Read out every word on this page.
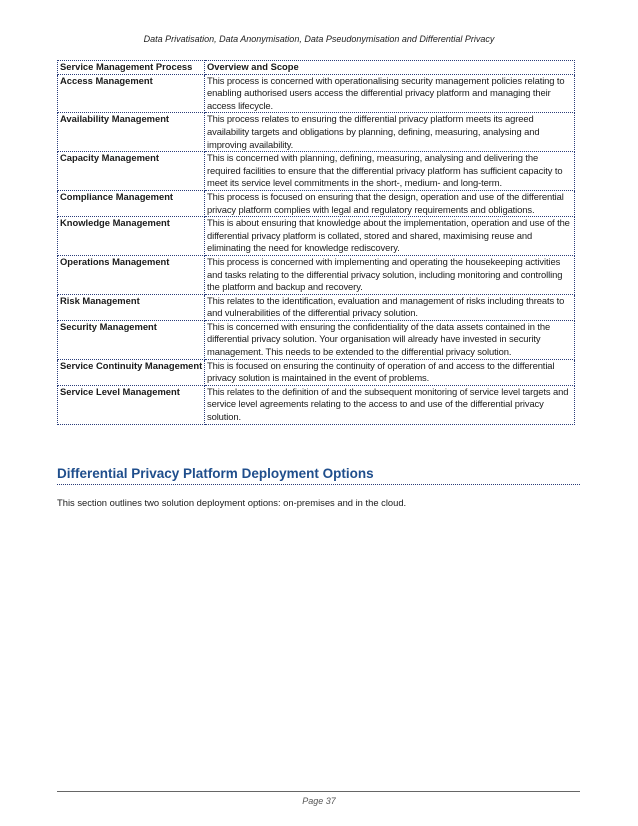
Data Privatisation, Data Anonymisation, Data Pseudonymisation and Differential Privacy
Service Management Process	Overview and Scope
Access Management	This process is concerned with operationalising security management policies relating to enabling authorised users access the differential privacy platform and managing their access lifecycle.
Availability Management	This process relates to ensuring the differential privacy platform meets its agreed availability targets and obligations by planning, defining, measuring, analysing and improving availability.
Capacity Management	This is concerned with planning, defining, measuring, analysing and delivering the required facilities to ensure that the differential privacy platform has sufficient capacity to meet its service level commitments in the short-, medium- and long-term.
Compliance Management	This process is focused on ensuring that the design, operation and use of the differential privacy platform complies with legal and regulatory requirements and obligations.
Knowledge Management	This is about ensuring that knowledge about the implementation, operation and use of the differential privacy platform is collated, stored and shared, maximising reuse and eliminating the need for knowledge rediscovery.
Operations Management	This process is concerned with implementing and operating the housekeeping activities and tasks relating to the differential privacy solution, including monitoring and controlling the platform and backup and recovery.
Risk Management	This relates to the identification, evaluation and management of risks including threats to and vulnerabilities of the differential privacy solution.
Security Management	This is concerned with ensuring the confidentiality of the data assets contained in the differential privacy solution. Your organisation will already have invested in security management. This needs to be extended to the differential privacy solution.
Service Continuity Management	This is focused on ensuring the continuity of operation of and access to the differential privacy solution is maintained in the event of problems.
Service Level Management	This relates to the definition of and the subsequent monitoring of service level targets and service level agreements relating to the access to and use of the differential privacy solution.
Differential Privacy Platform Deployment Options
This section outlines two solution deployment options: on-premises and in the cloud.
Page 37
